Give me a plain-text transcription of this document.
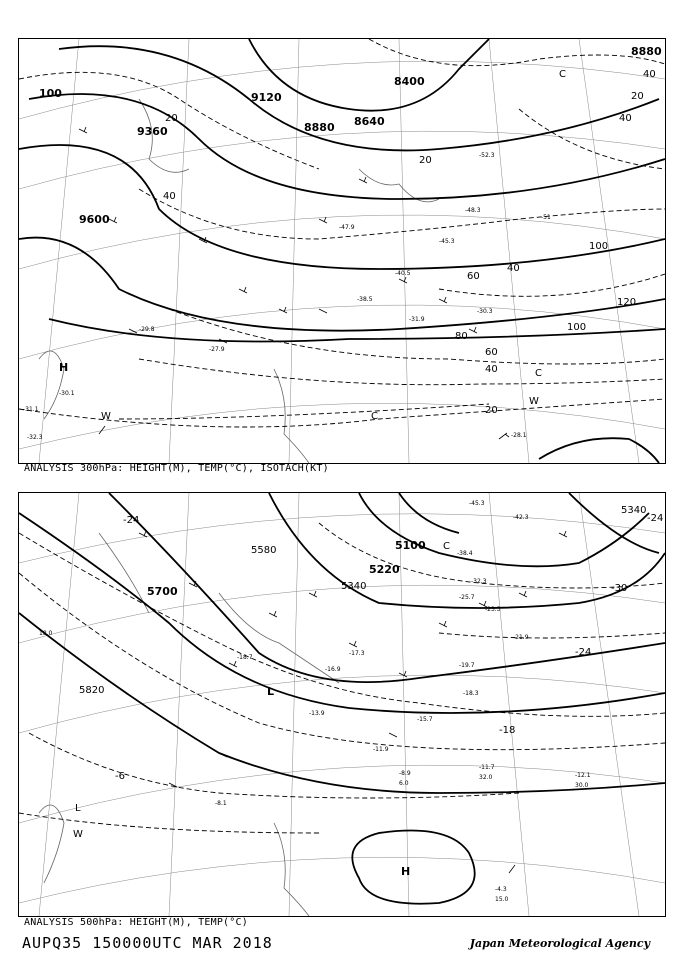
100	9120
9360	8880 8640
8400
8880
9600
20
40
40
20
40
60
80
100
120
60
40
20
40
20
100
-28.1
-30.1
-31.1
-32.3
-45.3
-47.9
-52.3
-51
-48.3
-38.5
-40.5
-31.9
-30.3
-27.9
-29.8
H
W	C
C
W
C
ANALYSIS 300hPa: HEIGHT(M), TEMP(°C), ISOTACH(KT)
5100
5220
5340
5580
5700
5820
5340
-24
-30
-24
-18
-6
-24
-45.3
-42.3
-38.4
-32.3
-25.7
-23.3
-21.9
-19.7
-18.3
-15.7
-11.7
-12.1
-11.9
-8.9
-8.1
-13.9
-16.9
-17.3
-18.7
-4.3
15.0
32.0
30.0
6.0
18.0
C
L
H
W
L
ANALYSIS 500hPa: HEIGHT(M), TEMP(°C)
AUPQ35 150000UTC MAR 2018	Japan Meteorological Agency
